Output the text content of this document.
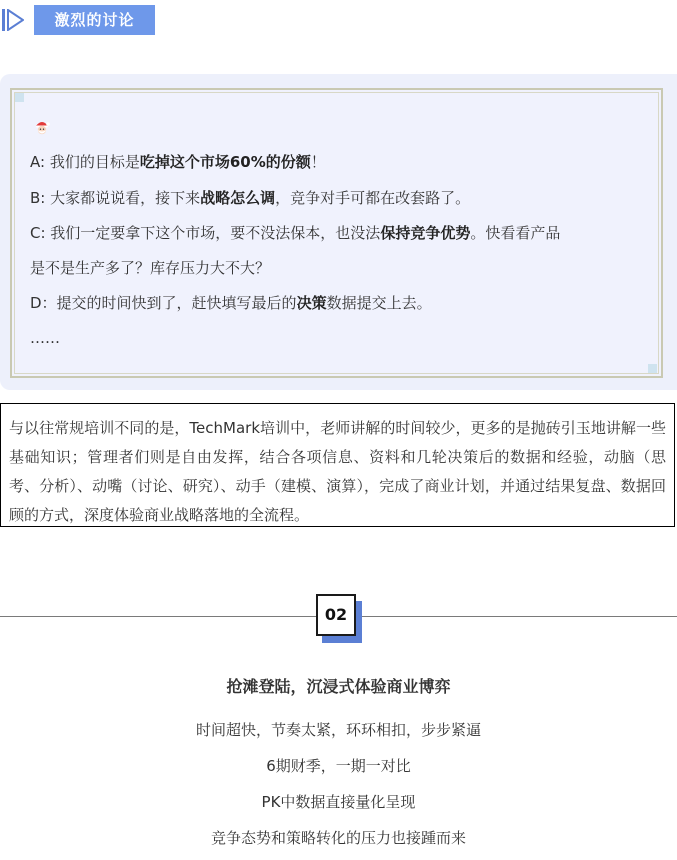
激烈的讨论
A: 我们的目标是吃掉这个市场60%的份额！
B: 大家都说说看，接下来战略怎么调，竞争对手可都在改套路了。
C: 我们一定要拿下这个市场，要不没法保本，也没法保持竞争优势。快看看产品
是不是生产多了？库存压力大不大？
D：提交的时间快到了，赶快填写最后的决策数据提交上去。
……
与以往常规培训不同的是，TechMark培训中，老师讲解的时间较少，更多的是抛砖引玉地讲解一些基础知识；管理者们则是自由发挥，结合各项信息、资料和几轮决策后的数据和经验，动脑（思考、分析）、动嘴（讨论、研究）、动手（建模、演算），完成了商业计划，并通过结果复盘、数据回顾的方式，深度体验商业战略落地的全流程。
02
抢滩登陆，沉浸式体验商业博弈
时间超快，节奏太紧，环环相扣，步步紧逼
6期财季，一期一对比
PK中数据直接量化呈现
竞争态势和策略转化的压力也接踵而来
